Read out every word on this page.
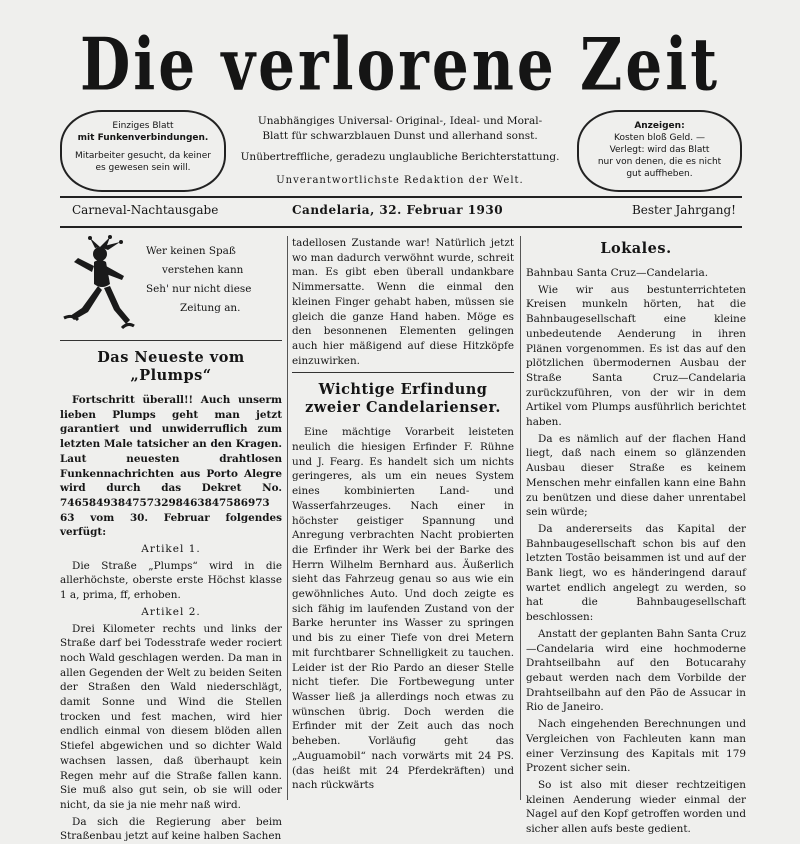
Die verlorene Zeit
Einziges Blatt
mit Funkenverbindungen.
Mitarbeiter gesucht, da keiner
es gewesen sein will.
Unabhängiges Universal- Original-, Ideal- und Moral-
Blatt für schwarzblauen Dunst und allerhand sonst.
Unübertreffliche, geradezu unglaubliche Berichterstattung.
Unverantwortlichste Redaktion der Welt.
Anzeigen:
Kosten bloß Geld. —
Verlegt: wird das Blatt
nur von denen, die es nicht
gut auffheben.
Carneval-Nachtausgabe	Candelaria, 32. Februar 1930	Bester Jahrgang!
Wer keinen Spaß
verstehen kann
Seh' nur nicht diese
Zeitung an.
Das Neueste vom „Plumps“

Fortschritt überall!! Auch unserm lieben Plumps geht man jetzt garantiert und unwiderruflich zum letzten Male tatsicher an den Kragen. Laut neuesten drahtlosen Funkennachrichten aus Porto Alegre wird durch das Dekret No. 74658493847573298463847586973 63 vom 30. Februar folgendes verfügt:

Artikel 1.

Die Straße „Plumps“ wird in die allerhöchste, oberste erste Höchst klasse 1 a, prima, ff, erhoben.

Artikel 2.

Drei Kilometer rechts und links der Straße darf bei Todesstrafe weder rociert noch Wald geschlagen werden. Da man in allen Gegenden der Welt zu beiden Seiten der Straßen den Wald niederschlägt, damit Sonne und Wind die Stellen trocken und fest machen, wird hier endlich einmal von diesem blöden allen Stiefel abgewichen und so dichter Wald wachsen lassen, daß überhaupt kein Regen mehr auf die Straße fallen kann. Sie muß also gut sein, ob sie will oder nicht, da sie ja nie mehr naß wird.

Da sich die Regierung aber beim Straßenbau jetzt auf keine halben Sachen

tadellosen Zustande war! Natürlich jetzt wo man dadurch verwöhnt wurde, schreit man. Es gibt eben überall undankbare Nimmersatte. Wenn die einmal den kleinen Finger gehabt haben, müssen sie gleich die ganze Hand haben. Möge es den besonnenen Elementen gelingen auch hier mäßigend auf diese Hitzköpfe einzuwirken.

Wichtige Erfindung zweier Candelarienser.

Eine mächtige Vorarbeit leisteten neulich die hiesigen Erfinder F. Rühne und J. Fearg. Es handelt sich um nichts geringeres, als um ein neues System eines kombinierten Land- und Wasserfahrzeuges. Nach einer in höchster geistiger Spannung und Anregung verbrachten Nacht probierten die Erfinder ihr Werk bei der Barke des Herrn Wilhelm Bernhard aus. Äußerlich sieht das Fahrzeug genau so aus wie ein gewöhnliches Auto. Und doch zeigte es sich fähig im laufenden Zustand von der Barke herunter ins Wasser zu springen und bis zu einer Tiefe von drei Metern mit furchtbarer Schnelligkeit zu tauchen. Leider ist der Rio Pardo an dieser Stelle nicht tiefer. Die Fortbewegung unter Wasser ließ ja allerdings noch etwas zu wünschen übrig. Doch werden die Erfinder mit der Zeit auch das noch beheben. Vorläufig geht das „Auguamobil“ nach vorwärts mit 24 PS. (das heißt mit 24 Pferdekräften) und nach rückwärts

Lokales.
Bahnbau Santa Cruz—Candelaria.

Wie wir aus bestunterrichteten Kreisen munkeln hörten, hat die Bahnbaugesellschaft eine kleine unbedeutende Aenderung in ihren Plänen vorgenommen. Es ist das auf den plötzlichen übermodernen Ausbau der Straße Santa Cruz—Candelaria zurückzuführen, von der wir in dem Artikel vom Plumps ausführlich berichtet haben.

Da es nämlich auf der flachen Hand liegt, daß nach einem so glänzenden Ausbau dieser Straße es keinem Menschen mehr einfallen kann eine Bahn zu benützen und diese daher unrentabel sein würde;

Da andererseits das Kapital der Bahnbaugesellschaft schon bis auf den letzten Tostão beisammen ist und auf der Bank liegt, wo es händeringend darauf wartet endlich angelegt zu werden, so hat die Bahnbaugesellschaft beschlossen:

Anstatt der geplanten Bahn Santa Cruz—Candelaria wird eine hochmoderne Drahtseilbahn auf den Botucarahy gebaut werden nach dem Vorbilde der Drahtseilbahn auf den Pão de Assucar in Rio de Janeiro.

Nach eingehenden Berechnungen und Vergleichen von Fachleuten kann man einer Verzinsung des Kapitals mit 179 Prozent sicher sein.

So ist also mit dieser rechtzeitigen kleinen Aenderung wieder einmal der Nagel auf den Kopf getroffen worden und sicher allen aufs beste gedient.
